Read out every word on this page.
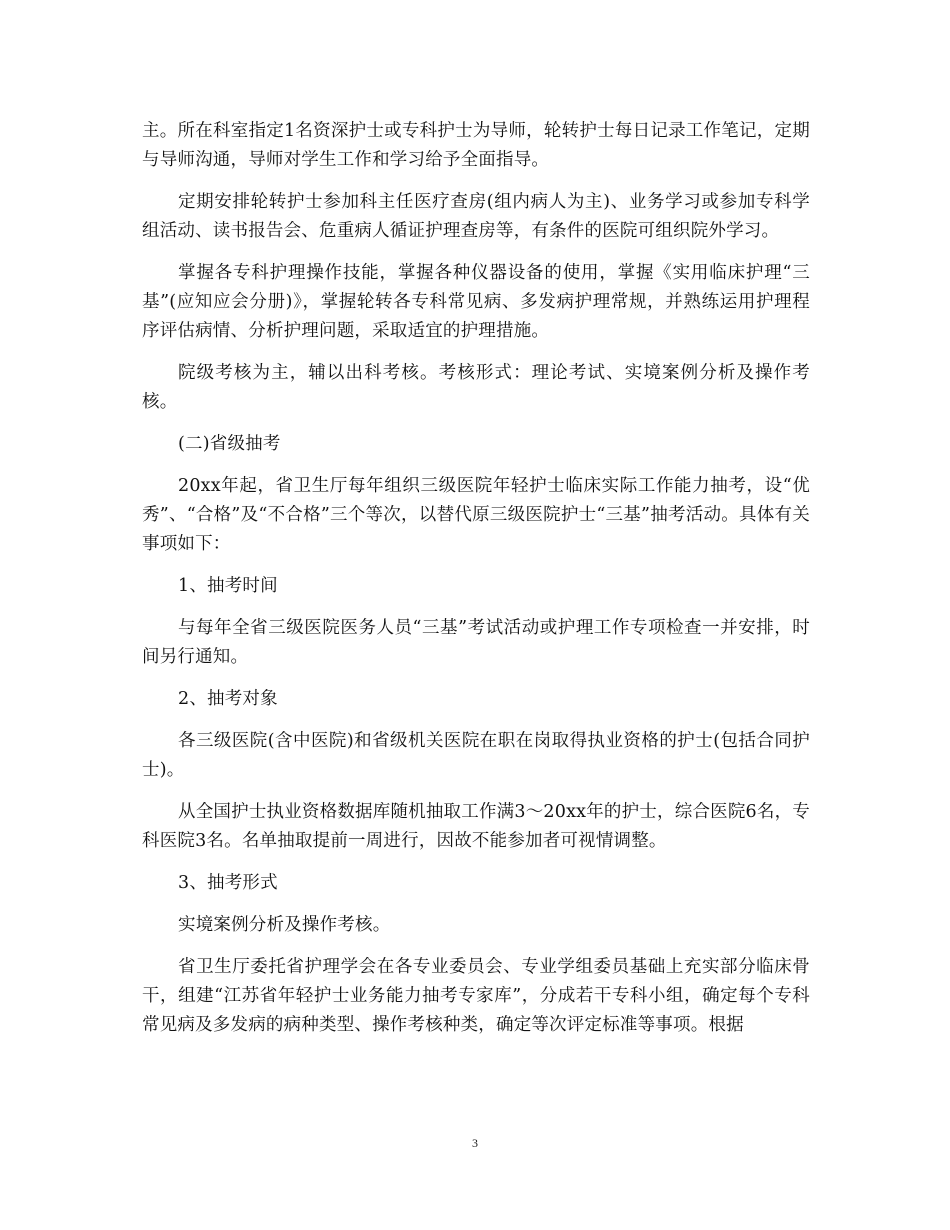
主。所在科室指定1名资深护士或专科护士为导师，轮转护士每日记录工作笔记，定期与导师沟通，导师对学生工作和学习给予全面指导。

定期安排轮转护士参加科主任医疗查房(组内病人为主)、业务学习或参加专科学组活动、读书报告会、危重病人循证护理查房等，有条件的医院可组织院外学习。

掌握各专科护理操作技能，掌握各种仪器设备的使用，掌握《实用临床护理“三基”(应知应会分册)》，掌握轮转各专科常见病、多发病护理常规，并熟练运用护理程序评估病情、分析护理问题，采取适宜的护理措施。

院级考核为主，辅以出科考核。考核形式：理论考试、实境案例分析及操作考核。

(二)省级抽考

20xx年起，省卫生厅每年组织三级医院年轻护士临床实际工作能力抽考，设“优秀”、“合格”及“不合格”三个等次，以替代原三级医院护士“三基”抽考活动。具体有关事项如下：

1、抽考时间

与每年全省三级医院医务人员“三基”考试活动或护理工作专项检查一并安排，时间另行通知。

2、抽考对象

各三级医院(含中医院)和省级机关医院在职在岗取得执业资格的护士(包括合同护士)。

从全国护士执业资格数据库随机抽取工作满3～20xx年的护士，综合医院6名，专科医院3名。名单抽取提前一周进行，因故不能参加者可视情调整。

3、抽考形式

实境案例分析及操作考核。

省卫生厅委托省护理学会在各专业委员会、专业学组委员基础上充实部分临床骨干，组建“江苏省年轻护士业务能力抽考专家库”，分成若干专科小组，确定每个专科常见病及多发病的病种类型、操作考核种类，确定等次评定标准等事项。根据

3
